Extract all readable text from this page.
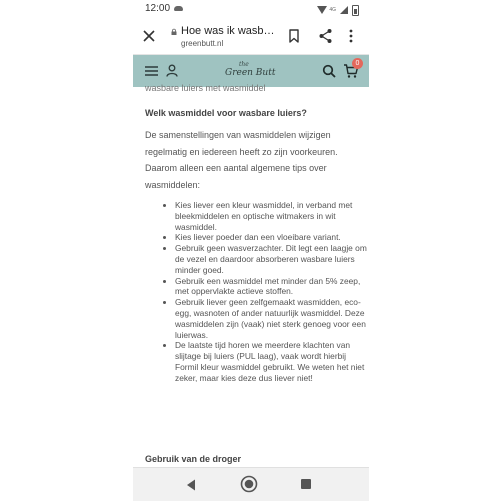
12:00	4G
Hoe was ik wasb…
greenbutt.nl
the
Green Butt
0
wasbare luiers met wasmiddel
Welk wasmiddel voor wasbare luiers?
De samenstellingen van wasmiddelen wijzigen regelmatig en iedereen heeft zo zijn voorkeuren. Daarom alleen een aantal algemene tips over wasmiddelen:
• Kies liever een kleur wasmiddel, in verband met bleekmiddelen en optische witmakers in wit wasmiddel.
• Kies liever poeder dan een vloeibare variant.
• Gebruik geen wasverzachter. Dit legt een laagje om de vezel en daardoor absorberen wasbare luiers minder goed.
• Gebruik een wasmiddel met minder dan 5% zeep, met oppervlakte actieve stoffen.
• Gebruik liever geen zelfgemaakt wasmidden, eco-egg, wasnoten of ander natuurlijk wasmiddel. Deze wasmiddelen zijn (vaak) niet sterk genoeg voor een luierwas.
• De laatste tijd horen we meerdere klachten van slijtage bij luiers (PUL laag), vaak wordt hierbij Formil kleur wasmiddel gebruikt. We weten het niet zeker, maar kies deze dus liever niet!
Gebruik van de droger
